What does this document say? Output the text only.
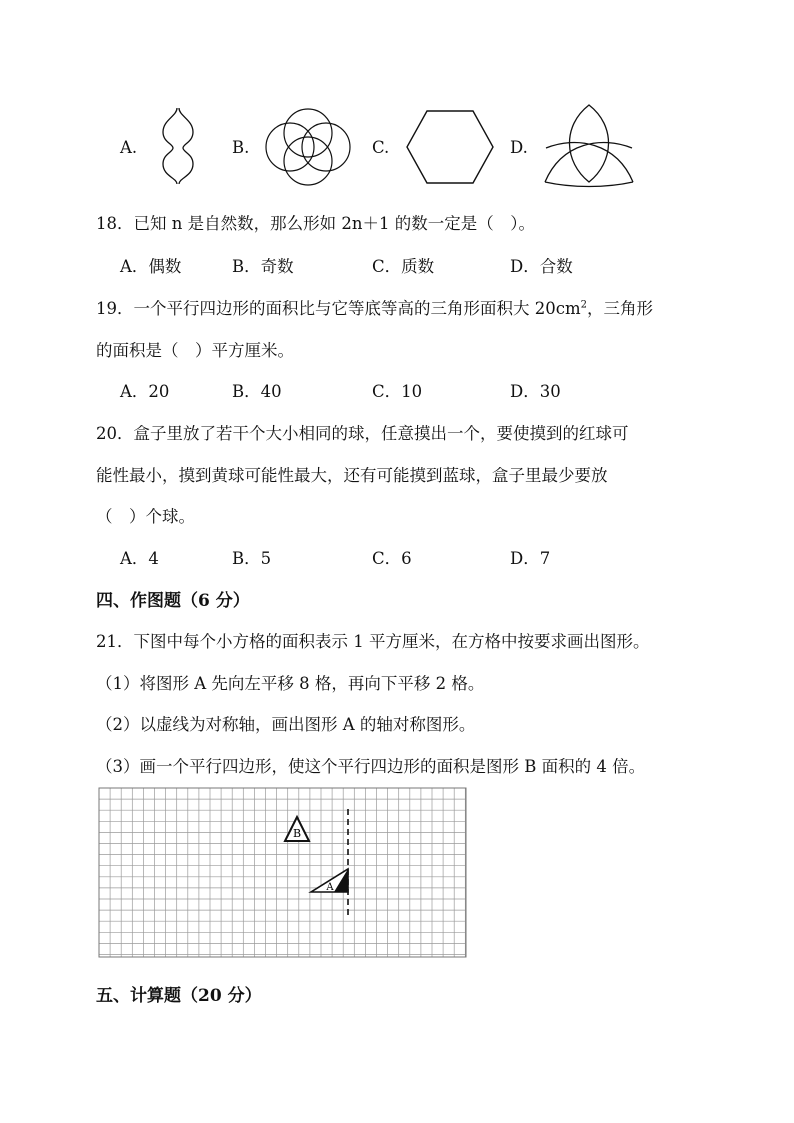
A.	B.	C.	D.
18．已知 n 是自然数，那么形如 2n＋1 的数一定是（　）。
A．偶数	B．奇数	C．质数	D．合数
19．一个平行四边形的面积比与它等底等高的三角形面积大 $20cm^2$，三角形
的面积是（　）平方厘米。
A．20	B．40	C．10	D．30
20．盒子里放了若干个大小相同的球，任意摸出一个，要使摸到的红球可
能性最小，摸到黄球可能性最大，还有可能摸到蓝球，盒子里最少要放
（　）个球。
A．4	B．5	C．6	D．7
四、作图题（6 分）
21．下图中每个小方格的面积表示 1 平方厘米，在方格中按要求画出图形。
（1）将图形 A 先向左平移 8 格，再向下平移 2 格。
（2）以虚线为对称轴，画出图形 A 的轴对称图形。
（3）画一个平行四边形，使这个平行四边形的面积是图形 B 面积的 4 倍。
B
A
五、计算题（20 分）
